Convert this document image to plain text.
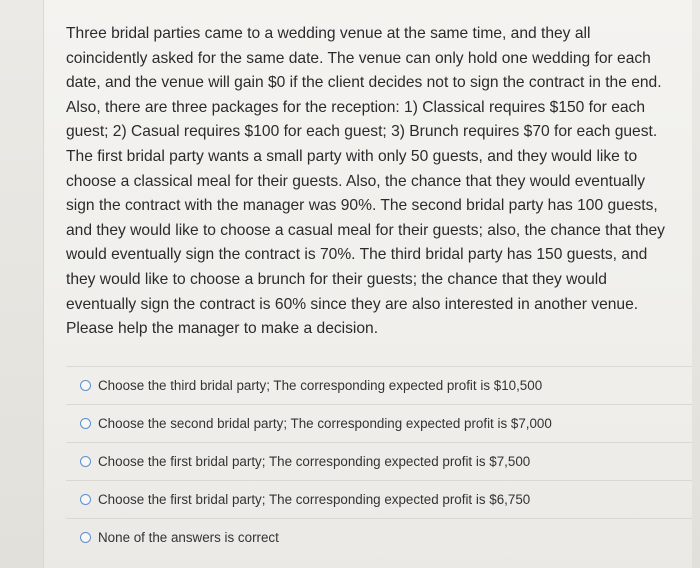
Three bridal parties came to a wedding venue at the same time, and they all coincidently asked for the same date. The venue can only hold one wedding for each date, and the venue will gain $0 if the client decides not to sign the contract in the end. Also, there are three packages for the reception: 1) Classical requires $150 for each guest; 2) Casual requires $100 for each guest; 3) Brunch requires $70 for each guest. The first bridal party wants a small party with only 50 guests, and they would like to choose a classical meal for their guests. Also, the chance that they would eventually sign the contract with the manager was 90%. The second bridal party has 100 guests, and they would like to choose a casual meal for their guests; also, the chance that they would eventually sign the contract is 70%. The third bridal party has 150 guests, and they would like to choose a brunch for their guests; the chance that they would eventually sign the contract is 60% since they are also interested in another venue. Please help the manager to make a decision.

Choose the third bridal party; The corresponding expected profit is $10,500
Choose the second bridal party; The corresponding expected profit is $7,000
Choose the first bridal party; The corresponding expected profit is $7,500
Choose the first bridal party; The corresponding expected profit is $6,750
None of the answers is correct
